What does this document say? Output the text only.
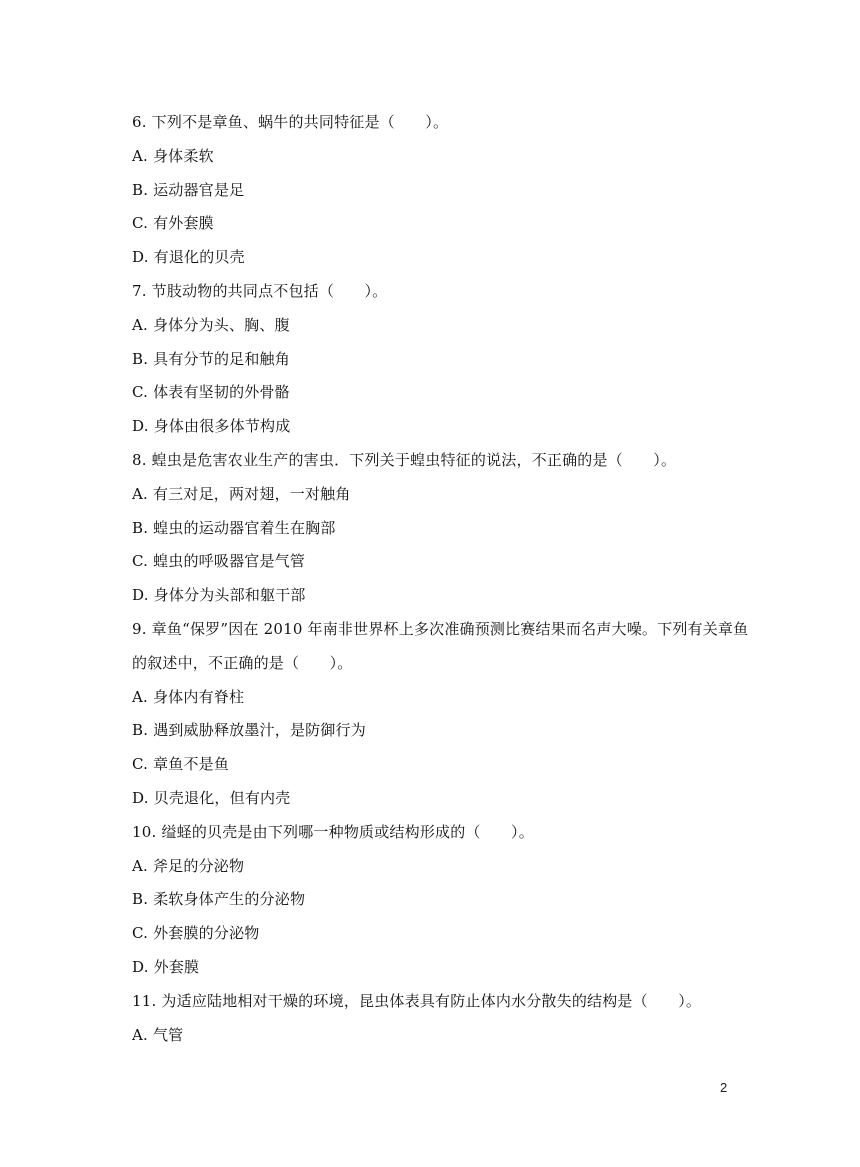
6. 下列不是章鱼、蜗牛的共同特征是（　　）。
A. 身体柔软
B. 运动器官是足
C. 有外套膜
D. 有退化的贝壳
7. 节肢动物的共同点不包括（　　）。
A. 身体分为头、胸、腹
B. 具有分节的足和触角
C. 体表有坚韧的外骨骼
D. 身体由很多体节构成
8. 蝗虫是危害农业生产的害虫．下列关于蝗虫特征的说法，不正确的是（　　）。
A. 有三对足，两对翅，一对触角
B. 蝗虫的运动器官着生在胸部
C. 蝗虫的呼吸器官是气管
D. 身体分为头部和躯干部
9. 章鱼“保罗”因在 2010 年南非世界杯上多次准确预测比赛结果而名声大噪。下列有关章鱼
的叙述中，不正确的是（　　）。
A. 身体内有脊柱
B. 遇到威胁释放墨汁，是防御行为
C. 章鱼不是鱼
D. 贝壳退化，但有内壳
10. 缢蛏的贝壳是由下列哪一种物质或结构形成的（　　）。
A. 斧足的分泌物
B. 柔软身体产生的分泌物
C. 外套膜的分泌物
D. 外套膜
11. 为适应陆地相对干燥的环境，昆虫体表具有防止体内水分散失的结构是（　　）。
A. 气管
2
